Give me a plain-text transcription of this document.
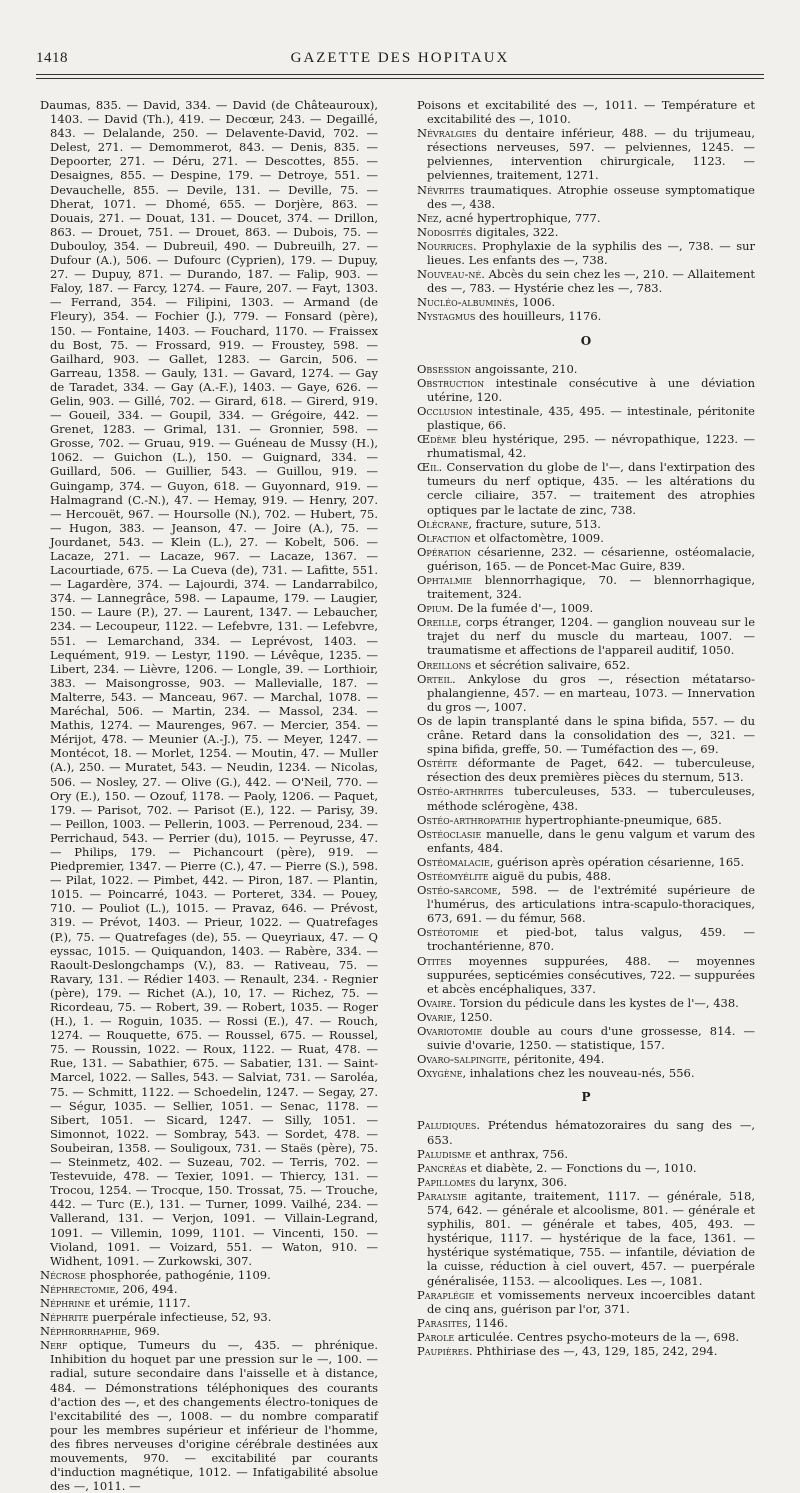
1418	GAZETTE DES HOPITAUX

Daumas, 835. — David, 334. — David (de Châteauroux), 1403. — David (Th.), 419. — Decœur, 243. — Degaillé, 843. — Delalande, 250. — Delavente-David, 702. — Delest, 271. — Demommerot, 843. — Denis, 835. — Depoorter, 271. — Déru, 271. — Descottes, 855. — Desaignes, 855. — Despine, 179. — Detroye, 551. — Devauchelle, 855. — Devile, 131. — Deville, 75. — Dherat, 1071. — Dhomé, 655. — Dorjère, 863. — Douais, 271. — Douat, 131. — Doucet, 374. — Drillon, 863. — Drouet, 751. — Drouet, 863. — Dubois, 75. — Dubouloy, 354. — Dubreuil, 490. — Dubreuilh, 27. — Dufour (A.), 506. — Dufourc (Cyprien), 179. — Dupuy, 27. — Dupuy, 871. — Durando, 187. — Falip, 903. — Faloy, 187. — Farcy, 1274. — Faure, 207. — Fayt, 1303. — Ferrand, 354. — Filipini, 1303. — Armand (de Fleury), 354. — Fochier (J.), 779. — Fonsard (père), 150. — Fontaine, 1403. — Fouchard, 1170. — Fraissex du Bost, 75. — Frossard, 919. — Froustey, 598. — Gailhard, 903. — Gallet, 1283. — Garcin, 506. — Garreau, 1358. — Gauly, 131. — Gavard, 1274. — Gay de Taradet, 334. — Gay (A.-F.), 1403. — Gaye, 626. — Gelin, 903. — Gillé, 702. — Girard, 618. — Girerd, 919. — Goueil, 334. — Goupil, 334. — Grégoire, 442. — Grenet, 1283. — Grimal, 131. — Gronnier, 598. — Grosse, 702. — Gruau, 919. — Guéneau de Mussy (H.), 1062. — Guichon (L.), 150. — Guignard, 334. — Guillard, 506. — Guillier, 543. — Guillou, 919. — Guingamp, 374. — Guyon, 618. — Guyonnard, 919. — Halmagrand (C.-N.), 47. — Hemay, 919. — Henry, 207. — Hercouët, 967. — Hoursolle (N.), 702. — Hubert, 75. — Hugon, 383. — Jeanson, 47. — Joire (A.), 75. — Jourdanet, 543. — Klein (L.), 27. — Kobelt, 506. — Lacaze, 271. — Lacaze, 967. — Lacaze, 1367. — Lacourtiade, 675. — La Cueva (de), 731. — Lafitte, 551. — Lagardère, 374. — Lajourdi, 374. — Landarrabilco, 374. — Lannegrâce, 598. — Lapaume, 179. — Laugier, 150. — Laure (P.), 27. — Laurent, 1347. — Lebaucher, 234. — Lecoupeur, 1122. — Lefebvre, 131. — Lefebvre, 551. — Lemarchand, 334. — Leprévost, 1403. — Lequément, 919. — Lestyr, 1190. — Lévêque, 1235. — Libert, 234. — Lièvre, 1206. — Longle, 39. — Lorthioir, 383. — Maisongrosse, 903. — Mallevialle, 187. — Malterre, 543. — Manceau, 967. — Marchal, 1078. — Maréchal, 506. — Martin, 234. — Massol, 234. — Mathis, 1274. — Maurenges, 967. — Mercier, 354. — Mérijot, 478. — Meunier (A.-J.), 75. — Meyer, 1247. — Montécot, 18. — Morlet, 1254. — Moutin, 47. — Muller (A.), 250. — Muratet, 543. — Neudin, 1234. — Nicolas, 506. — Nosley, 27. — Olive (G.), 442. — O'Neil, 770. — Ory (E.), 150. — Ozouf, 1178. — Paoly, 1206. — Paquet, 179. — Parisot, 702. — Parisot (E.), 122. — Parisy, 39. — Peillon, 1003. — Pellerin, 1003. — Perrenoud, 234. — Perrichaud, 543. — Perrier (du), 1015. — Peyrusse, 47. — Philips, 179. — Pichancourt (père), 919. — Piedpremier, 1347. — Pierre (C.), 47. — Pierre (S.), 598. — Pilat, 1022. — Pimbet, 442. — Piron, 187. — Plantin, 1015. — Poincarré, 1043. — Porteret, 334. — Pouey, 710. — Pouliot (L.), 1015. — Pravaz, 646. — Prévost, 319. — Prévot, 1403. — Prieur, 1022. — Quatrefages (P.), 75. — Quatrefages (de), 55. — Queyriaux, 47. — Q eyssac, 1015. — Quiquandon, 1403. — Rabère, 334. — Raoult-Deslongchamps (V.), 83. — Rativeau, 75. — Ravary, 131. — Rédier 1403. — Renault, 234. - Regnier (père), 179. — Richet (A.), 10, 17. — Richez, 75. — Ricordeau, 75. — Robert, 39. — Robert, 1035. — Roger (H.), 1. — Roguin, 1035. — Rossi (E.), 47. — Rouch, 1274. — Rouquette, 675. — Roussel, 675. — Roussel, 75. — Roussin, 1022. — Roux, 1122. — Ruat, 478. — Rue, 131. — Sabathier, 675. — Sabatier, 131. — Saint-Marcel, 1022. — Salles, 543. — Salviat, 731. — Saroléa, 75. — Schmitt, 1122. — Schoedelin, 1247. — Segay, 27. — Ségur, 1035. — Sellier, 1051. — Senac, 1178. — Sibert, 1051. — Sicard, 1247. — Silly, 1051. — Simonnot, 1022. — Sombray, 543. — Sordet, 478. — Soubeiran, 1358. — Souligoux, 731. — Staës (père), 75. — Steinmetz, 402. — Suzeau, 702. — Terris, 702. — Testevuide, 478. — Texier, 1091. — Thiercy, 131. — Trocou, 1254. — Trocque, 150. Trossat, 75. — Trouche, 442. — Turc (E.), 131. — Turner, 1099. Vailhé, 234. — Vallerand, 131. — Verjon, 1091. — Villain-Legrand, 1091. — Villemin, 1099, 1101. — Vincenti, 150. — Violand, 1091. — Voizard, 551. — Waton, 910. — Widhent, 1091. — Zurkowski, 307.

Nécrose phosphorée, pathogénie, 1109.

Néphrectomie, 206, 494.

Néphrine et urémie, 1117.

Néphrite puerpérale infectieuse, 52, 93.

Néphrorrhaphie, 969.

Nerf optique, Tumeurs du —, 435. — phrénique. Inhibition du hoquet par une pression sur le —, 100. — radial, suture secondaire dans l'aisselle et à distance, 484. — Démonstrations téléphoniques des courants d'action des —, et des changements électro-toniques de l'excitabilité des —, 1008. — du nombre comparatif pour les membres supérieur et inférieur de l'homme, des fibres nerveuses d'origine cérébrale destinées aux mouvements, 970. — excitabilité par courants d'induction magnétique, 1012. — Infatigabilité absolue des —, 1011. —

Poisons et excitabilité des —, 1011. — Température et excitabilité des —, 1010.

Névralgies du dentaire inférieur, 488. — du trijumeau, résections nerveuses, 597. — pelviennes, 1245. — pelviennes, intervention chirurgicale, 1123. — pelviennes, traitement, 1271.

Névrites traumatiques. Atrophie osseuse symptomatique des —, 438.

Nez, acné hypertrophique, 777.

Nodosités digitales, 322.

Nourrices. Prophylaxie de la syphilis des —, 738. — sur lieues. Les enfants des —, 738.

Nouveau-né. Abcès du sein chez les —, 210. — Allaitement des —, 783. — Hystérie chez les —, 783.

Nucléo-albuminés, 1006.

Nystagmus des houilleurs, 1176.

O

Obsession angoissante, 210.

Obstruction intestinale consécutive à une déviation utérine, 120.

Occlusion intestinale, 435, 495. — intestinale, péritonite plastique, 66.

Œdème bleu hystérique, 295. — névropathique, 1223. — rhumatismal, 42.

Œil. Conservation du globe de l'—, dans l'extirpation des tumeurs du nerf optique, 435. — les altérations du cercle ciliaire, 357. — traitement des atrophies optiques par le lactate de zinc, 738.

Olécrane, fracture, suture, 513.

Olfaction et olfactomètre, 1009.

Opération césarienne, 232. — césarienne, ostéomalacie, guérison, 165. — de Poncet-Mac Guire, 839.

Ophtalmie blennorrhagique, 70. — blennorrhagique, traitement, 324.

Opium. De la fumée d'—, 1009.

Oreille, corps étranger, 1204. — ganglion nouveau sur le trajet du nerf du muscle du marteau, 1007. — traumatisme et affections de l'appareil auditif, 1050.

Oreillons et sécrétion salivaire, 652.

Orteil. Ankylose du gros —, résection métatarso-phalangienne, 457. — en marteau, 1073. — Innervation du gros —, 1007.

Os de lapin transplanté dans le spina bifida, 557. — du crâne. Retard dans la consolidation des —, 321. — spina bifida, greffe, 50. — Tuméfaction des —, 69.

Ostéite déformante de Paget, 642. — tuberculeuse, résection des deux premières pièces du sternum, 513.

Ostéo-arthrites tuberculeuses, 533. — tuberculeuses, méthode sclérogène, 438.

Ostéo-arthropathie hypertrophiante-pneumique, 685.

Ostéoclasie manuelle, dans le genu valgum et varum des enfants, 484.

Ostéomalacie, guérison après opération césarienne, 165.

Ostéomyélite aiguë du pubis, 488.

Ostéo-sarcome, 598. — de l'extrémité supérieure de l'humérus, des articulations intra-scapulo-thoraciques, 673, 691. — du fémur, 568.

Ostéotomie et pied-bot, talus valgus, 459. — trochantérienne, 870.

Otites moyennes suppurées, 488. — moyennes suppurées, septicémies consécutives, 722. — suppurées et abcès encéphaliques, 337.

Ovaire. Torsion du pédicule dans les kystes de l'—, 438.

Ovarie, 1250.

Ovariotomie double au cours d'une grossesse, 814. — suivie d'ovarie, 1250. — statistique, 157.

Ovaro-salpingite, péritonite, 494.

Oxygène, inhalations chez les nouveau-nés, 556.

P

Paludiques. Prétendus hématozoraires du sang des —, 653.

Paludisme et anthrax, 756.

Pancréas et diabète, 2. — Fonctions du —, 1010.

Papillomes du larynx, 306.

Paralysie agitante, traitement, 1117. — générale, 518, 574, 642. — générale et alcoolisme, 801. — générale et syphilis, 801. — générale et tabes, 405, 493. — hystérique, 1117. — hystérique de la face, 1361. — hystérique systématique, 755. — infantile, déviation de la cuisse, réduction à ciel ouvert, 457. — puerpérale généralisée, 1153. — alcooliques. Les —, 1081.

Paraplégie et vomissements nerveux incoercibles datant de cinq ans, guérison par l'or, 371.

Parasites, 1146.

Parole articulée. Centres psycho-moteurs de la —, 698.

Paupières. Phthiriase des —, 43, 129, 185, 242, 294.
